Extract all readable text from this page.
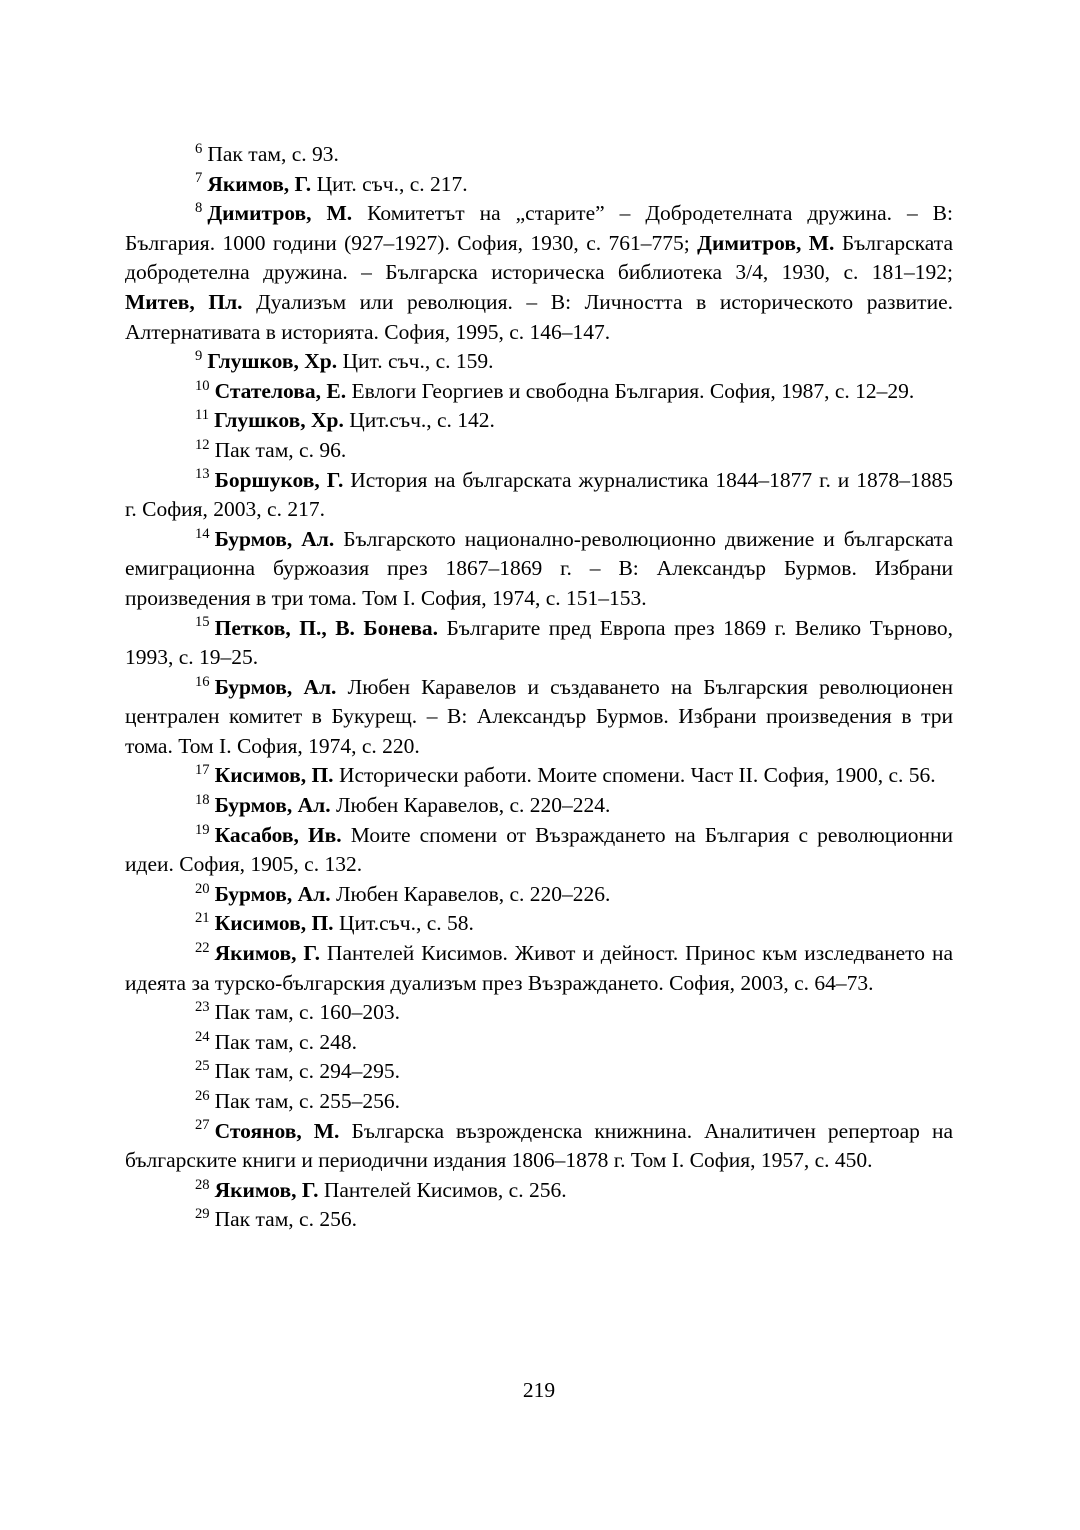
$^6$ Пак там, с. 93.

$^7$ Якимов, Г. Цит. съч., с. 217.

$^8$ Димитров, М. Комитетът на „старите” – Добродетелната дружина. – В: България. 1000 години (927–1927). София, 1930, с. 761–775; Димитров, М. Българската добродетелна дружина. – Българска историческа библиотека 3/4, 1930, с. 181–192; Митев, Пл. Дуализъм или революция. – В: Личността в историческото развитие. Алтернативата в историята. София, 1995, с. 146–147.

$^9$ Глушков, Хр. Цит. съч., с. 159.

$^{10}$ Стателова, Е. Евлоги Георгиев и свободна България. София, 1987, с. 12–29.

$^{11}$ Глушков, Хр. Цит.съч., с. 142.

$^{12}$ Пак там, с. 96.

$^{13}$ Боршуков, Г. История на българската журналистика 1844–1877 г. и 1878–1885 г. София, 2003, с. 217.

$^{14}$ Бурмов, Ал. Българското национално-революционно движение и българската емиграционна буржоазия през 1867–1869 г. – В: Александър Бурмов. Избрани произведения в три тома. Том I. София, 1974, с. 151–153.

$^{15}$ Петков, П., В. Бонева. Българите пред Европа през 1869 г. Велико Търново, 1993, с. 19–25.

$^{16}$ Бурмов, Ал. Любен Каравелов и създаването на Българския революционен централен комитет в Букурещ. – В: Александър Бурмов. Избрани произведения в три тома. Том I. София, 1974, с. 220.

$^{17}$ Кисимов, П. Исторически работи. Моите спомени. Част II. София, 1900, с. 56.

$^{18}$ Бурмов, Ал. Любен Каравелов, с. 220–224.

$^{19}$ Касабов, Ив. Моите спомени от Възраждането на България с революционни идеи. София, 1905, с. 132.

$^{20}$ Бурмов, Ал. Любен Каравелов, с. 220–226.

$^{21}$ Кисимов, П. Цит.съч., с. 58.

$^{22}$ Якимов, Г. Пантелей Кисимов. Живот и дейност. Принос към изследването на идеята за турско-българския дуализъм през Възраждането. София, 2003, с. 64–73.

$^{23}$ Пак там, с. 160–203.

$^{24}$ Пак там, с. 248.

$^{25}$ Пак там, с. 294–295.

$^{26}$ Пак там, с. 255–256.

$^{27}$ Стоянов, М. Българска възрожденска книжнина. Аналитичен репертоар на българските книги и периодични издания 1806–1878 г. Том I. София, 1957, с. 450.

$^{28}$ Якимов, Г. Пантелей Кисимов, с. 256.

$^{29}$ Пак там, с. 256.

219
